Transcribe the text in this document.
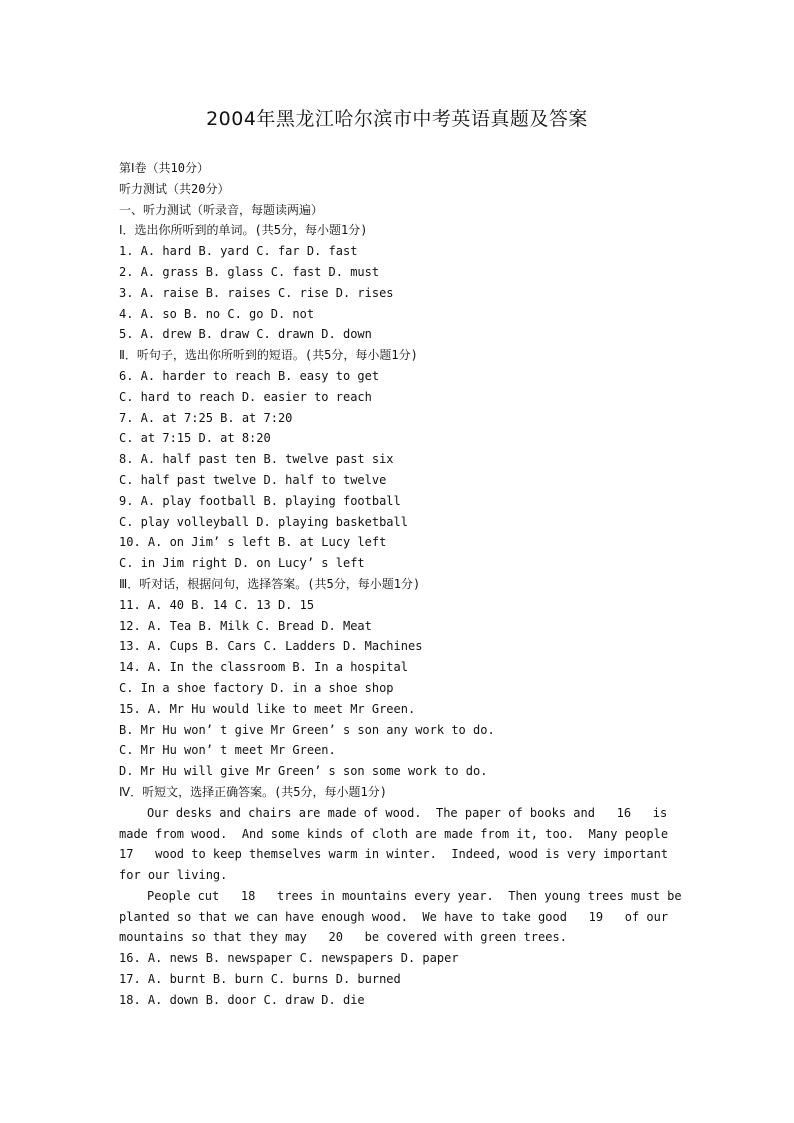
2004年黑龙江哈尔滨市中考英语真题及答案
第Ⅰ卷（共10分）
听力测试（共20分）
一、听力测试（听录音，每题读两遍）
Ⅰ．选出你所听到的单词。(共5分，每小题1分)
1. A. hard B. yard C. far D. fast
2. A. grass B. glass C. fast D. must
3. A. raise B. raises C. rise D. rises
4. A. so B. no C. go D. not
5. A. drew B. draw C. drawn D. down
Ⅱ．听句子，选出你所听到的短语。(共5分，每小题1分)
6. A. harder to reach B. easy to get
C. hard to reach D. easier to reach
7. A. at 7:25 B. at 7:20
C. at 7:15 D. at 8:20
8. A. half past ten B. twelve past six
C. half past twelve D. half to twelve
9. A. play football B. playing football
C. play volleyball D. playing basketball
10. A. on Jim’ s left B. at Lucy left
C. in Jim right D. on Lucy’ s left
Ⅲ．听对话，根据问句，选择答案。(共5分，每小题1分)
11. A. 40 B. 14 C. 13 D. 15
12. A. Tea B. Milk C. Bread D. Meat
13. A. Cups B. Cars C. Ladders D. Machines
14. A. In the classroom B. In a hospital
C. In a shoe factory D. in a shoe shop
15. A. Mr Hu would like to meet Mr Green.
B. Mr Hu won’ t give Mr Green’ s son any work to do.
C. Mr Hu won’ t meet Mr Green.
D. Mr Hu will give Mr Green’ s son some work to do.
Ⅳ．听短文，选择正确答案。(共5分，每小题1分)
Our desks and chairs are made of wood.  The paper of books and   16   is
made from wood.  And some kinds of cloth are made from it, too.  Many people
17   wood to keep themselves warm in winter.  Indeed, wood is very important
for our living.
People cut   18   trees in mountains every year.  Then young trees must be
planted so that we can have enough wood.  We have to take good   19   of our
mountains so that they may   20   be covered with green trees.
16. A. news B. newspaper C. newspapers D. paper
17. A. burnt B. burn C. burns D. burned
18. A. down B. door C. draw D. die
